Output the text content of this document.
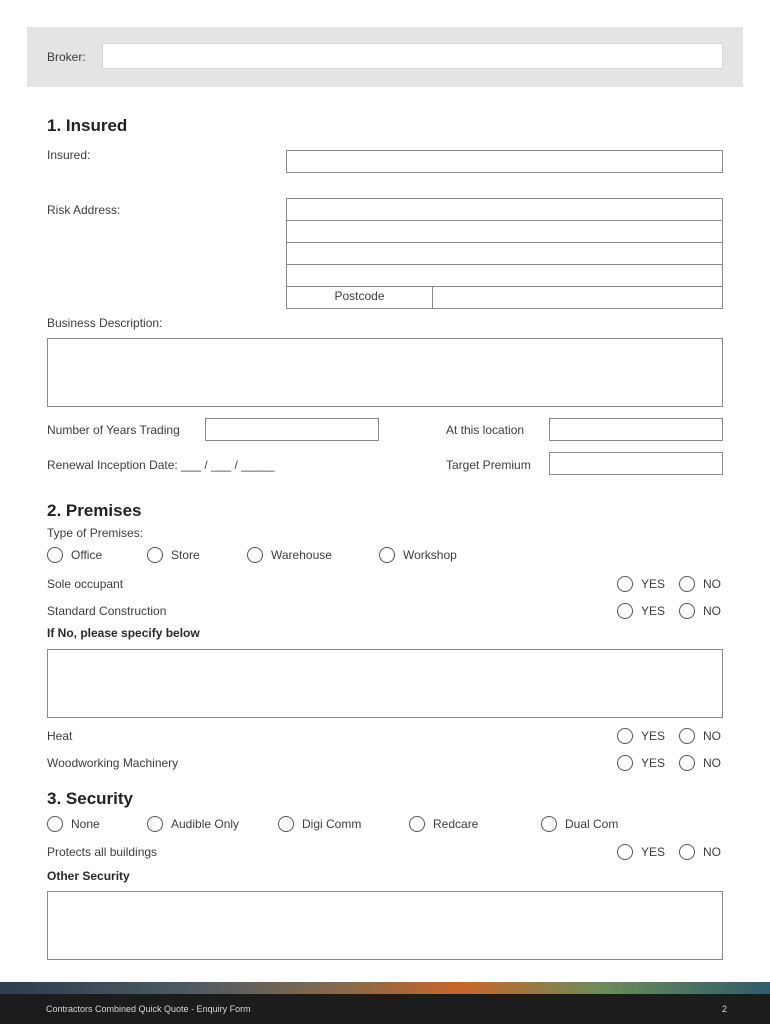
Broker:
1. Insured
Insured:
Risk Address:
Postcode
Business Description:
Number of Years Trading	At this location
Renewal Inception Date: ___ / ___ / _____	Target Premium
2. Premises
Type of Premises:
Office	Store	Warehouse	Workshop
Sole occupant	YES	NO
Standard Construction	YES	NO
If No, please specify below
Heat	YES	NO
Woodworking Machinery	YES	NO
3. Security
None	Audible Only	Digi Comm	Redcare	Dual Com
Protects all buildings	YES	NO
Other Security
Contractors Combined Quick Quote - Enquiry Form	2
